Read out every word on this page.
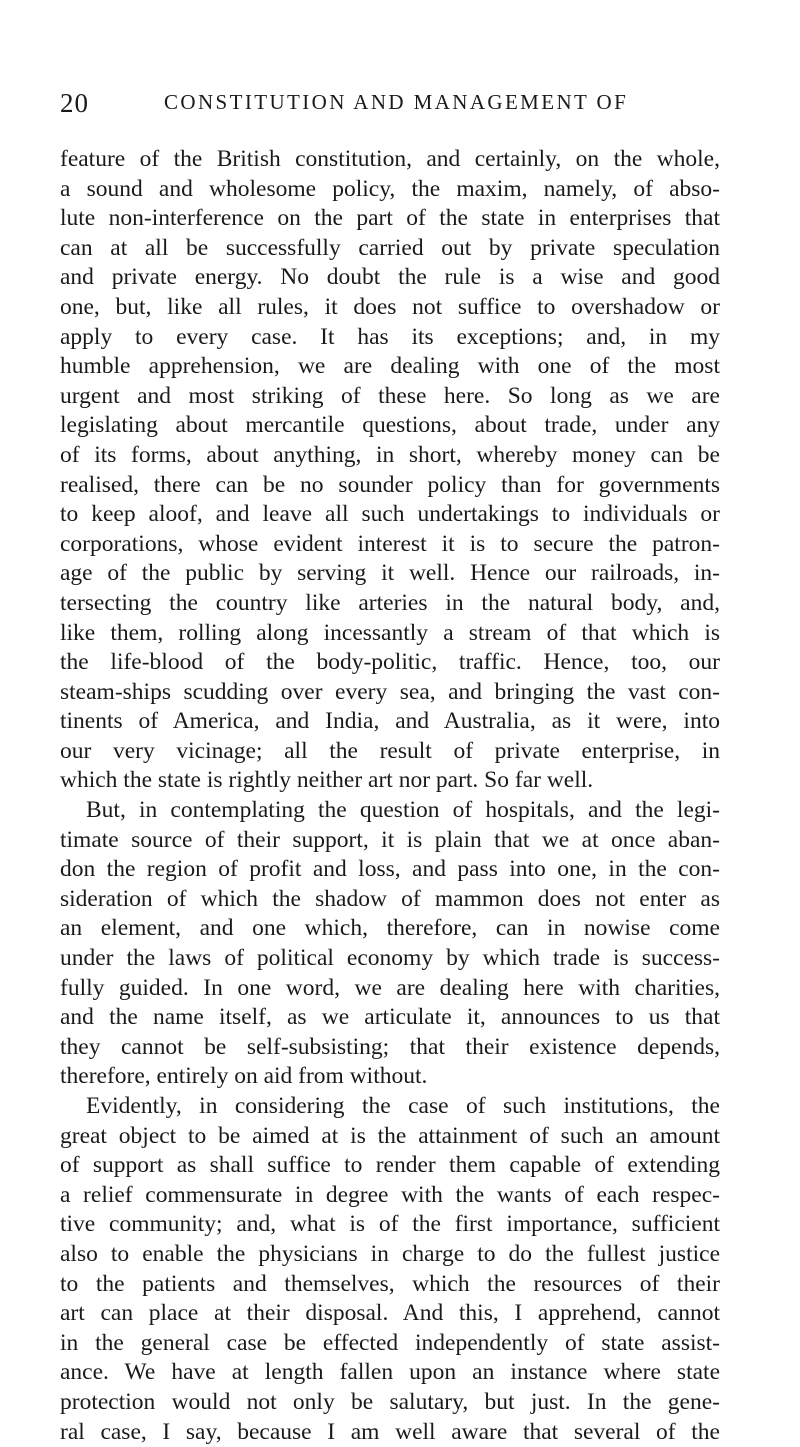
20	CONSTITUTION AND MANAGEMENT OF
feature of the British constitution, and certainly, on the whole,
a sound and wholesome policy, the maxim, namely, of abso-
lute non-interference on the part of the state in enterprises that
can at all be successfully carried out by private speculation
and private energy. No doubt the rule is a wise and good
one, but, like all rules, it does not suffice to overshadow or
apply to every case. It has its exceptions; and, in my
humble apprehension, we are dealing with one of the most
urgent and most striking of these here. So long as we are
legislating about mercantile questions, about trade, under any
of its forms, about anything, in short, whereby money can be
realised, there can be no sounder policy than for governments
to keep aloof, and leave all such undertakings to individuals or
corporations, whose evident interest it is to secure the patron-
age of the public by serving it well. Hence our railroads, in-
tersecting the country like arteries in the natural body, and,
like them, rolling along incessantly a stream of that which is
the life-blood of the body-politic, traffic. Hence, too, our
steam-ships scudding over every sea, and bringing the vast con-
tinents of America, and India, and Australia, as it were, into
our very vicinage; all the result of private enterprise, in
which the state is rightly neither art nor part. So far well.
But, in contemplating the question of hospitals, and the legi-
timate source of their support, it is plain that we at once aban-
don the region of profit and loss, and pass into one, in the con-
sideration of which the shadow of mammon does not enter as
an element, and one which, therefore, can in nowise come
under the laws of political economy by which trade is success-
fully guided. In one word, we are dealing here with charities,
and the name itself, as we articulate it, announces to us that
they cannot be self-subsisting; that their existence depends,
therefore, entirely on aid from without.
Evidently, in considering the case of such institutions, the
great object to be aimed at is the attainment of such an amount
of support as shall suffice to render them capable of extending
a relief commensurate in degree with the wants of each respec-
tive community; and, what is of the first importance, sufficient
also to enable the physicians in charge to do the fullest justice
to the patients and themselves, which the resources of their
art can place at their disposal. And this, I apprehend, cannot
in the general case be effected independently of state assist-
ance. We have at length fallen upon an instance where state
protection would not only be salutary, but just. In the gene-
ral case, I say, because I am well aware that several of the
